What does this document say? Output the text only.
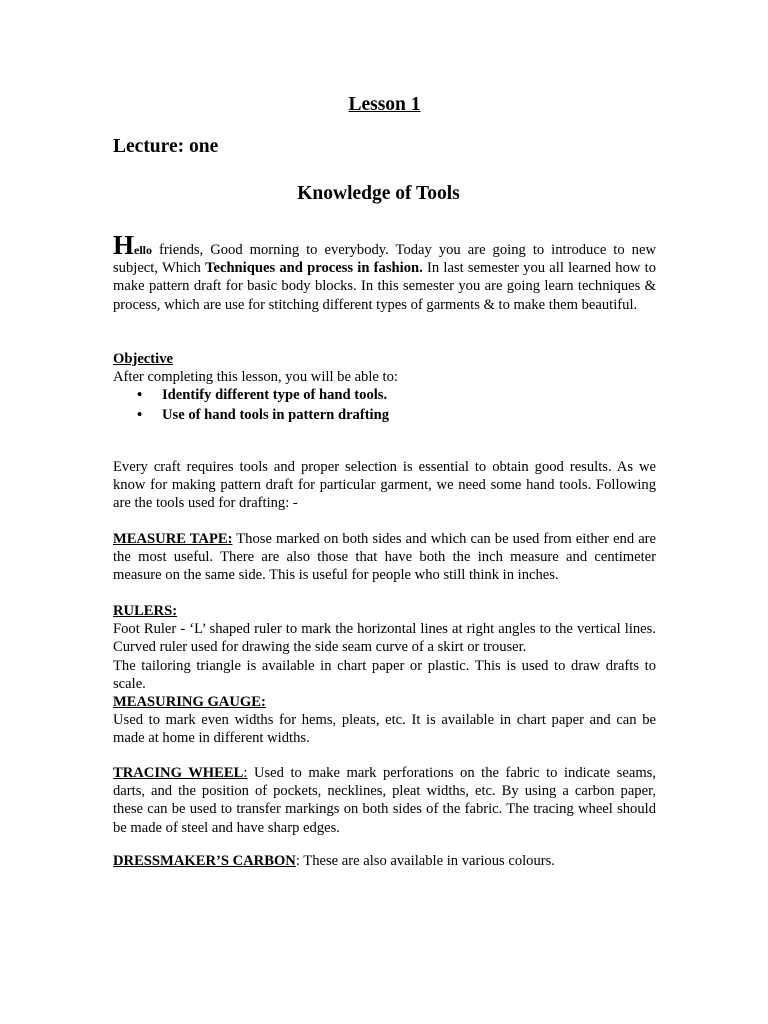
Lesson 1
Lecture: one
Knowledge of Tools

Hello friends, Good morning to everybody. Today you are going to introduce to new subject, Which Techniques and process in fashion. In last semester you all learned how to make pattern draft for basic body blocks. In this semester you are going learn techniques & process, which are use for stitching different types of garments & to make them beautiful.

Objective
After completing this lesson, you will be able to:
• Identify different type of hand tools.
• Use of hand tools in pattern drafting

Every craft requires tools and proper selection is essential to obtain good results. As we know for making pattern draft for particular garment, we need some hand tools. Following are the tools used for drafting: -

MEASURE TAPE: Those marked on both sides and which can be used from either end are the most useful. There are also those that have both the inch measure and centimeter measure on the same side. This is useful for people who still think in inches.

RULERS:

Foot Ruler - ‘L’ shaped ruler to mark the horizontal lines at right angles to the vertical lines. Curved ruler used for drawing the side seam curve of a skirt or trouser.

The tailoring triangle is available in chart paper or plastic. This is used to draw drafts to scale.

MEASURING GAUGE:

Used to mark even widths for hems, pleats, etc. It is available in chart paper and can be made at home in different widths.

TRACING WHEEL: Used to make mark perforations on the fabric to indicate seams, darts, and the position of pockets, necklines, pleat widths, etc. By using a carbon paper, these can be used to transfer markings on both sides of the fabric. The tracing wheel should be made of steel and have sharp edges.

DRESSMAKER’S CARBON: These are also available in various colours.
